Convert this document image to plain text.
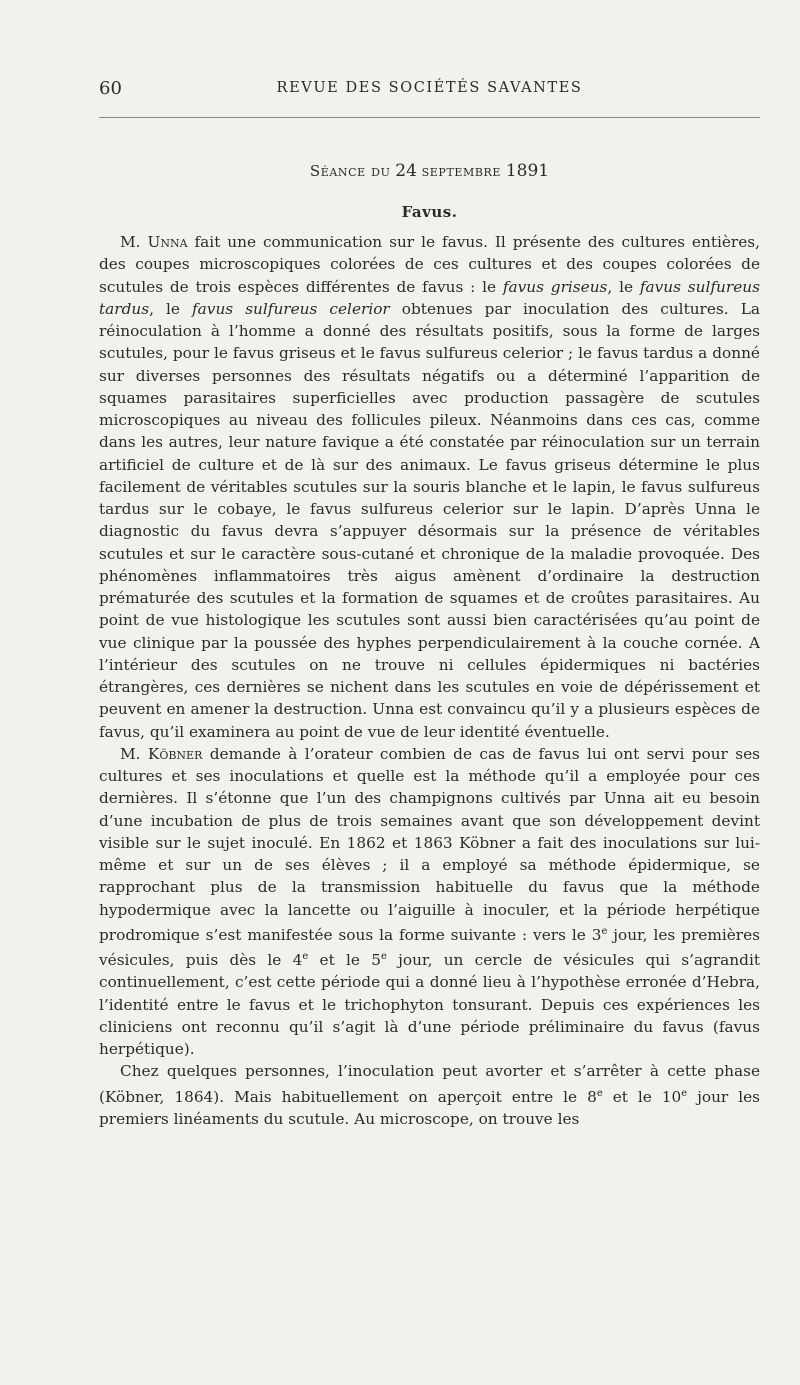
60	REVUE DES SOCIÉTÉS SAVANTES
Séance du 24 septembre 1891
Favus.

M. Unna fait une communication sur le favus. Il présente des cultures entières, des coupes microscopiques colorées de ces cultures et des coupes colorées de scutules de trois espèces différentes de favus : le favus griseus, le favus sulfureus tardus, le favus sulfureus celerior obtenues par inoculation des cultures. La réinoculation à l’homme a donné des résultats positifs, sous la forme de larges scutules, pour le favus griseus et le favus sulfureus celerior ; le favus tardus a donné sur diverses personnes des résultats négatifs ou a déterminé l’apparition de squames parasitaires superficielles avec production passagère de scutules microscopiques au niveau des follicules pileux. Néanmoins dans ces cas, comme dans les autres, leur nature favique a été constatée par réinoculation sur un terrain artificiel de culture et de là sur des animaux. Le favus griseus détermine le plus facilement de véritables scutules sur la souris blanche et le lapin, le favus sulfureus tardus sur le cobaye, le favus sulfureus celerior sur le lapin. D’après Unna le diagnostic du favus devra s’appuyer désormais sur la présence de véritables scutules et sur le caractère sous-cutané et chronique de la maladie provoquée. Des phénomènes inflammatoires très aigus amènent d’ordinaire la destruction prématurée des scutules et la formation de squames et de croûtes parasitaires. Au point de vue histologique les scutules sont aussi bien caractérisées qu’au point de vue clinique par la poussée des hyphes perpendiculairement à la couche cornée. A l’intérieur des scutules on ne trouve ni cellules épidermiques ni bactéries étrangères, ces dernières se nichent dans les scutules en voie de dépérissement et peuvent en amener la destruction. Unna est convaincu qu’il y a plusieurs espèces de favus, qu’il examinera au point de vue de leur identité éventuelle.

M. Köbner demande à l’orateur combien de cas de favus lui ont servi pour ses cultures et ses inoculations et quelle est la méthode qu’il a employée pour ces dernières. Il s’étonne que l’un des champignons cultivés par Unna ait eu besoin d’une incubation de plus de trois semaines avant que son développement devint visible sur le sujet inoculé. En 1862 et 1863 Köbner a fait des inoculations sur lui-même et sur un de ses élèves ; il a employé sa méthode épidermique, se rapprochant plus de la transmission habituelle du favus que la méthode hypodermique avec la lancette ou l’aiguille à inoculer, et la période herpétique prodromique s’est manifestée sous la forme suivante : vers le 3e jour, les premières vésicules, puis dès le 4e et le 5e jour, un cercle de vésicules qui s’agrandit continuellement, c’est cette période qui a donné lieu à l’hypothèse erronée d’Hebra, l’identité entre le favus et le trichophyton tonsurant. Depuis ces expériences les cliniciens ont reconnu qu’il s’agit là d’une période préliminaire du favus (favus herpétique).

Chez quelques personnes, l’inoculation peut avorter et s’arrêter à cette phase (Köbner, 1864). Mais habituellement on aperçoit entre le 8e et le 10e jour les premiers linéaments du scutule. Au microscope, on trouve les
